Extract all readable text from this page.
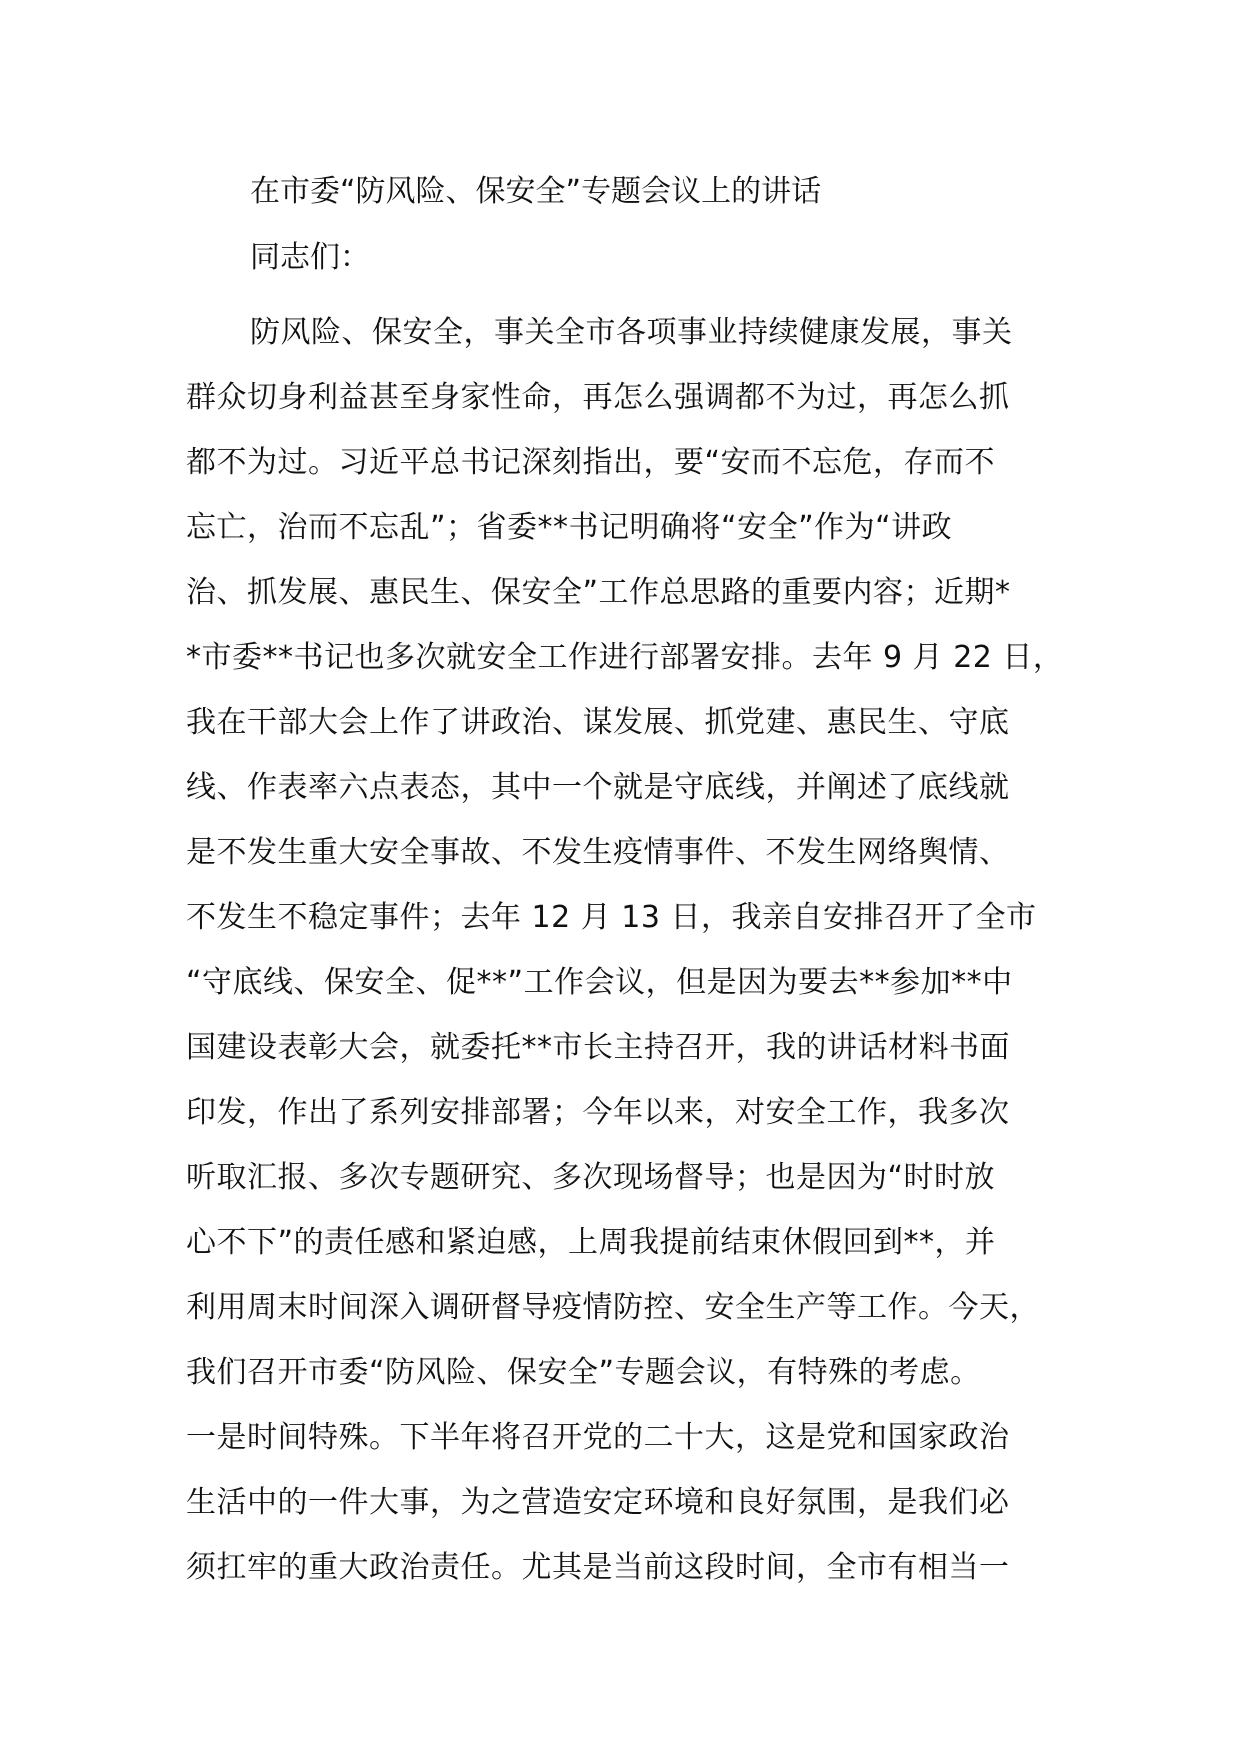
在市委“防风险、保安全”专题会议上的讲话
同志们：
防风险、保安全，事关全市各项事业持续健康发展，事关
群众切身利益甚至身家性命，再怎么强调都不为过，再怎么抓
都不为过。习近平总书记深刻指出，要“安而不忘危，存而不
忘亡，治而不忘乱”；省委**书记明确将“安全”作为“讲政
治、抓发展、惠民生、保安全”工作总思路的重要内容；近期*
*市委**书记也多次就安全工作进行部署安排。去年 9 月 22 日，
我在干部大会上作了讲政治、谋发展、抓党建、惠民生、守底
线、作表率六点表态，其中一个就是守底线，并阐述了底线就
是不发生重大安全事故、不发生疫情事件、不发生网络舆情、
不发生不稳定事件；去年 12 月 13 日，我亲自安排召开了全市
“守底线、保安全、促**”工作会议，但是因为要去**参加**中
国建设表彰大会，就委托**市长主持召开，我的讲话材料书面
印发，作出了系列安排部署；今年以来，对安全工作，我多次
听取汇报、多次专题研究、多次现场督导；也是因为“时时放
心不下”的责任感和紧迫感，上周我提前结束休假回到**，并
利用周末时间深入调研督导疫情防控、安全生产等工作。今天，
我们召开市委“防风险、保安全”专题会议，有特殊的考虑。
一是时间特殊。下半年将召开党的二十大，这是党和国家政治
生活中的一件大事，为之营造安定环境和良好氛围，是我们必
须扛牢的重大政治责任。尤其是当前这段时间，全市有相当一
